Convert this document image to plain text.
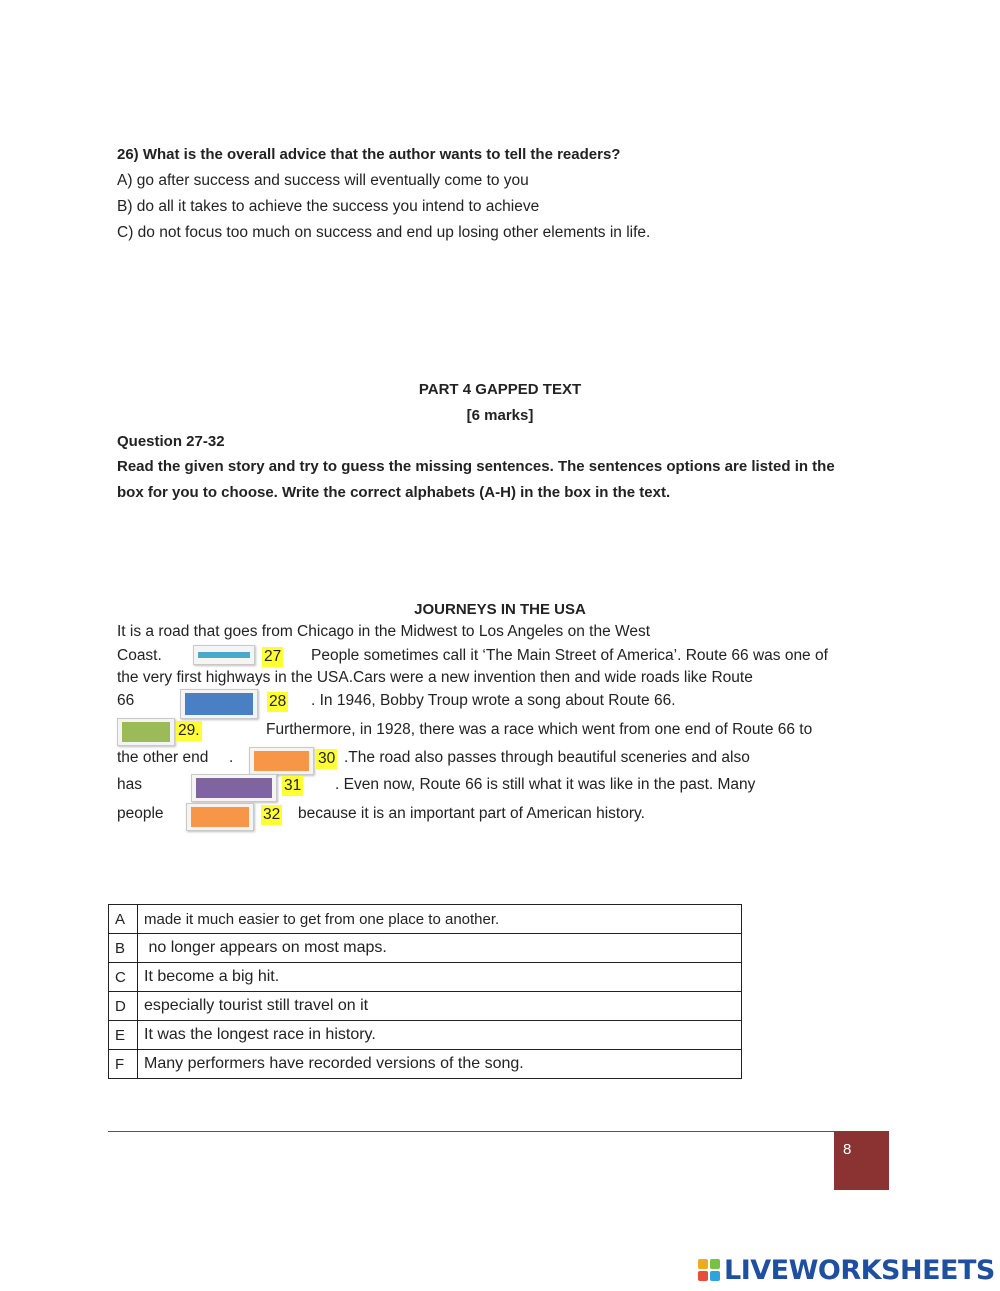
26) What is the overall advice that the author wants to tell the readers?
A) go after success and success will eventually come to you
B) do all it takes to achieve the success you intend to achieve
C) do not focus too much on success and end up losing other elements in life.
PART 4 GAPPED TEXT
[6 marks]
Question 27-32
Read the given story and try to guess the missing sentences. The sentences options are listed in the
box for you to choose. Write the correct alphabets (A-H) in the box in the text.
JOURNEYS IN THE USA
It is a road that goes from Chicago in the Midwest to Los Angeles on the West
Coast.	27 People sometimes call it ‘The Main Street of America’. Route 66 was one of
the very first highways in the USA.Cars were a new invention then and wide roads like Route
66	28 . In 1946, Bobby Troup wrote a song about Route 66.
29.	Furthermore, in 1928, there was a race which went from one end of Route 66 to
the other end .	30 .The road also passes through beautiful sceneries and also
has	31 . Even now, Route 66 is still what it was like in the past. Many
people	32 because it is an important part of American history.
A	made it much easier to get from one place to another.
B	no longer appears on most maps.
C	It become a big hit.
D	especially tourist still travel on it
E	It was the longest race in history.
F	Many performers have recorded versions of the song.
8
LIVEWORKSHEETS
